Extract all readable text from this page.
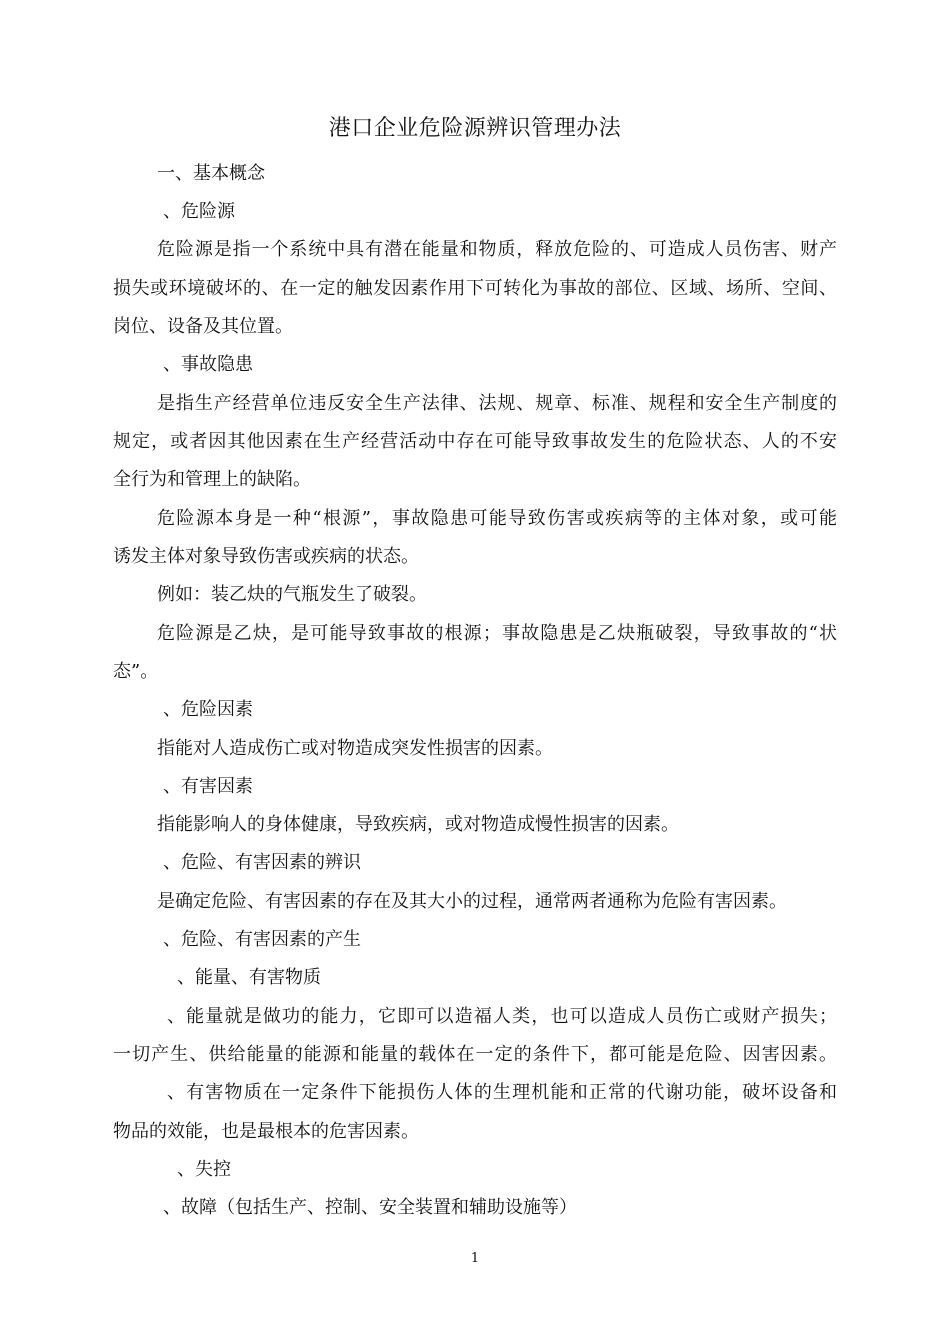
港口企业危险源辨识管理办法
一、基本概念
、危险源
危险源是指一个系统中具有潜在能量和物质，释放危险的、可造成人员伤害、财产
损失或环境破坏的、在一定的触发因素作用下可转化为事故的部位、区域、场所、空间、
岗位、设备及其位置。
、事故隐患
是指生产经营单位违反安全生产法律、法规、规章、标准、规程和安全生产制度的
规定，或者因其他因素在生产经营活动中存在可能导致事故发生的危险状态、人的不安
全行为和管理上的缺陷。
危险源本身是一种“根源”，事故隐患可能导致伤害或疾病等的主体对象，或可能
诱发主体对象导致伤害或疾病的状态。
例如：装乙炔的气瓶发生了破裂。
危险源是乙炔，是可能导致事故的根源；事故隐患是乙炔瓶破裂，导致事故的“状
态”。
、危险因素
指能对人造成伤亡或对物造成突发性损害的因素。
、有害因素
指能影响人的身体健康，导致疾病，或对物造成慢性损害的因素。
、危险、有害因素的辨识
是确定危险、有害因素的存在及其大小的过程，通常两者通称为危险有害因素。
、危险、有害因素的产生
、能量、有害物质
、能量就是做功的能力，它即可以造福人类，也可以造成人员伤亡或财产损失；
一切产生、供给能量的能源和能量的载体在一定的条件下，都可能是危险、因害因素。
、有害物质在一定条件下能损伤人体的生理机能和正常的代谢功能，破坏设备和
物品的效能，也是最根本的危害因素。
、失控
、故障（包括生产、控制、安全装置和辅助设施等）
1
